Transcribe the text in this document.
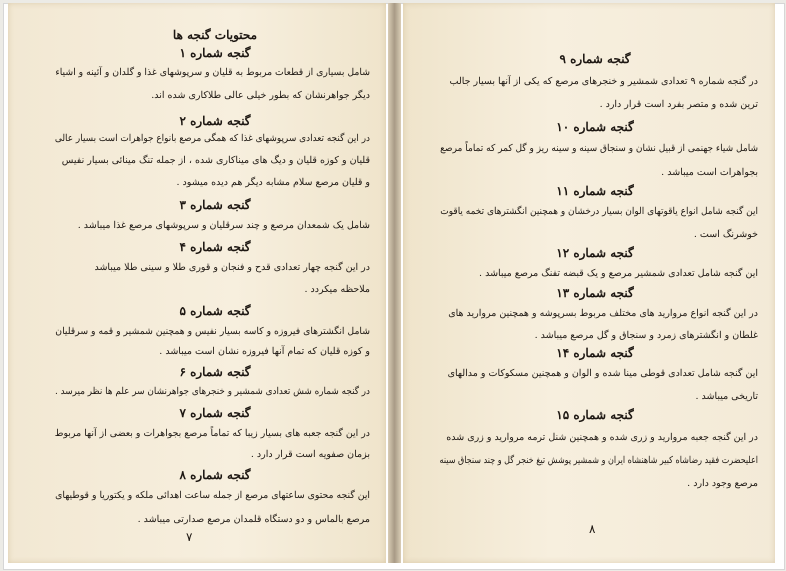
محتویات گنجه ها
گنجه شماره ۱
شامل بسیاری از قطعات مربوط به قلیان و سرپوشهای غذا و گلدان و آئینه و اشیاء
دیگر جواهرنشان که بطور خیلی عالی طلاکاری شده اند.
گنجه شماره ۲
در این گنجه تعدادی سرپوشهای غذا که همگی مرصع بانواع جواهرات است بسیار عالی
قلیان و کوزه قلیان و دیگ های میناکاری شده ، از جمله تنگ مینائی بسیار نفیس
و قلیان مرصع سلام مشابه دیگر هم دیده میشود .
گنجه شماره ۳
شامل یک شمعدان مرصع و چند سرقلیان و سرپوشهای مرصع غذا میباشد .
گنجه شماره ۴
در این گنجه چهار تعدادی قدح و فنجان و قوری طلا و سینی طلا میباشد
ملاحظه میکردد .
گنجه شماره ۵
شامل انگشترهای فیروزه و کاسه بسیار نفیس و همچنین شمشیر و قمه و سرقلیان
و کوزه قلیان که تمام آنها فیروزه نشان است میباشد .
گنجه شماره ۶
در گنجه شماره شش تعدادی شمشیر و خنجرهای جواهرنشان سر علم ها نظر میرسد .
گنجه شماره ۷
در این گنجه جعبه های بسیار زیبا که تماماً مرصع بجواهرات و بعضی از آنها مربوط
بزمان صفویه است قرار دارد .
گنجه شماره ۸
این گنجه محتوی ساعتهای مرصع از جمله ساعت اهدائی ملکه و یکتوریا و قوطیهای
مرصع بالماس و دو دستگاه قلمدان مرصع صدارتی میباشد .
۷
گنجه شماره ۹
در گنجه شماره ۹ تعدادی شمشیر و خنجرهای مرصع که یکی از آنها بسیار جالب
ترین شده و متصر بفرد است قرار دارد .
گنجه شماره ۱۰
شامل شیاء جهنمی از قبیل نشان و سنجاق سینه و سینه ریز و گل کمر که تماماً مرصع
بجواهرات است میباشد .
گنجه شماره ۱۱
این گنجه شامل انواع یاقوتهای الوان بسیار درخشان و همچنین انگشترهای تخمه یاقوت
خوشرنگ است .
گنجه شماره ۱۲
این گنجه شامل تعدادی شمشیر مرصع و یک قبضه تفنگ مرصع میباشد .
گنجه شماره ۱۳
در این گنجه انواع مروارید های مختلف مربوط بسرپوشه و همچنین مروارید های
غلطان و انگشترهای زمرد و سنجاق و گل مرصع میباشد .
گنجه شماره ۱۴
این گنجه شامل تعدادی قوطی مینا شده و الوان و همچنین مسکوکات و مدالهای
تاریخی میباشد .
گنجه شماره ۱۵
در این گنجه جعبه مروارید و زری شده و همچنین شنل ترمه مروارید و زری شده
اعلیحضرت فقید رضاشاه کبیر شاهنشاه ایران و شمشیر پوشش تیغ خنجر گل و چند سنجاق سینه
مرصع وجود دارد .
۸
